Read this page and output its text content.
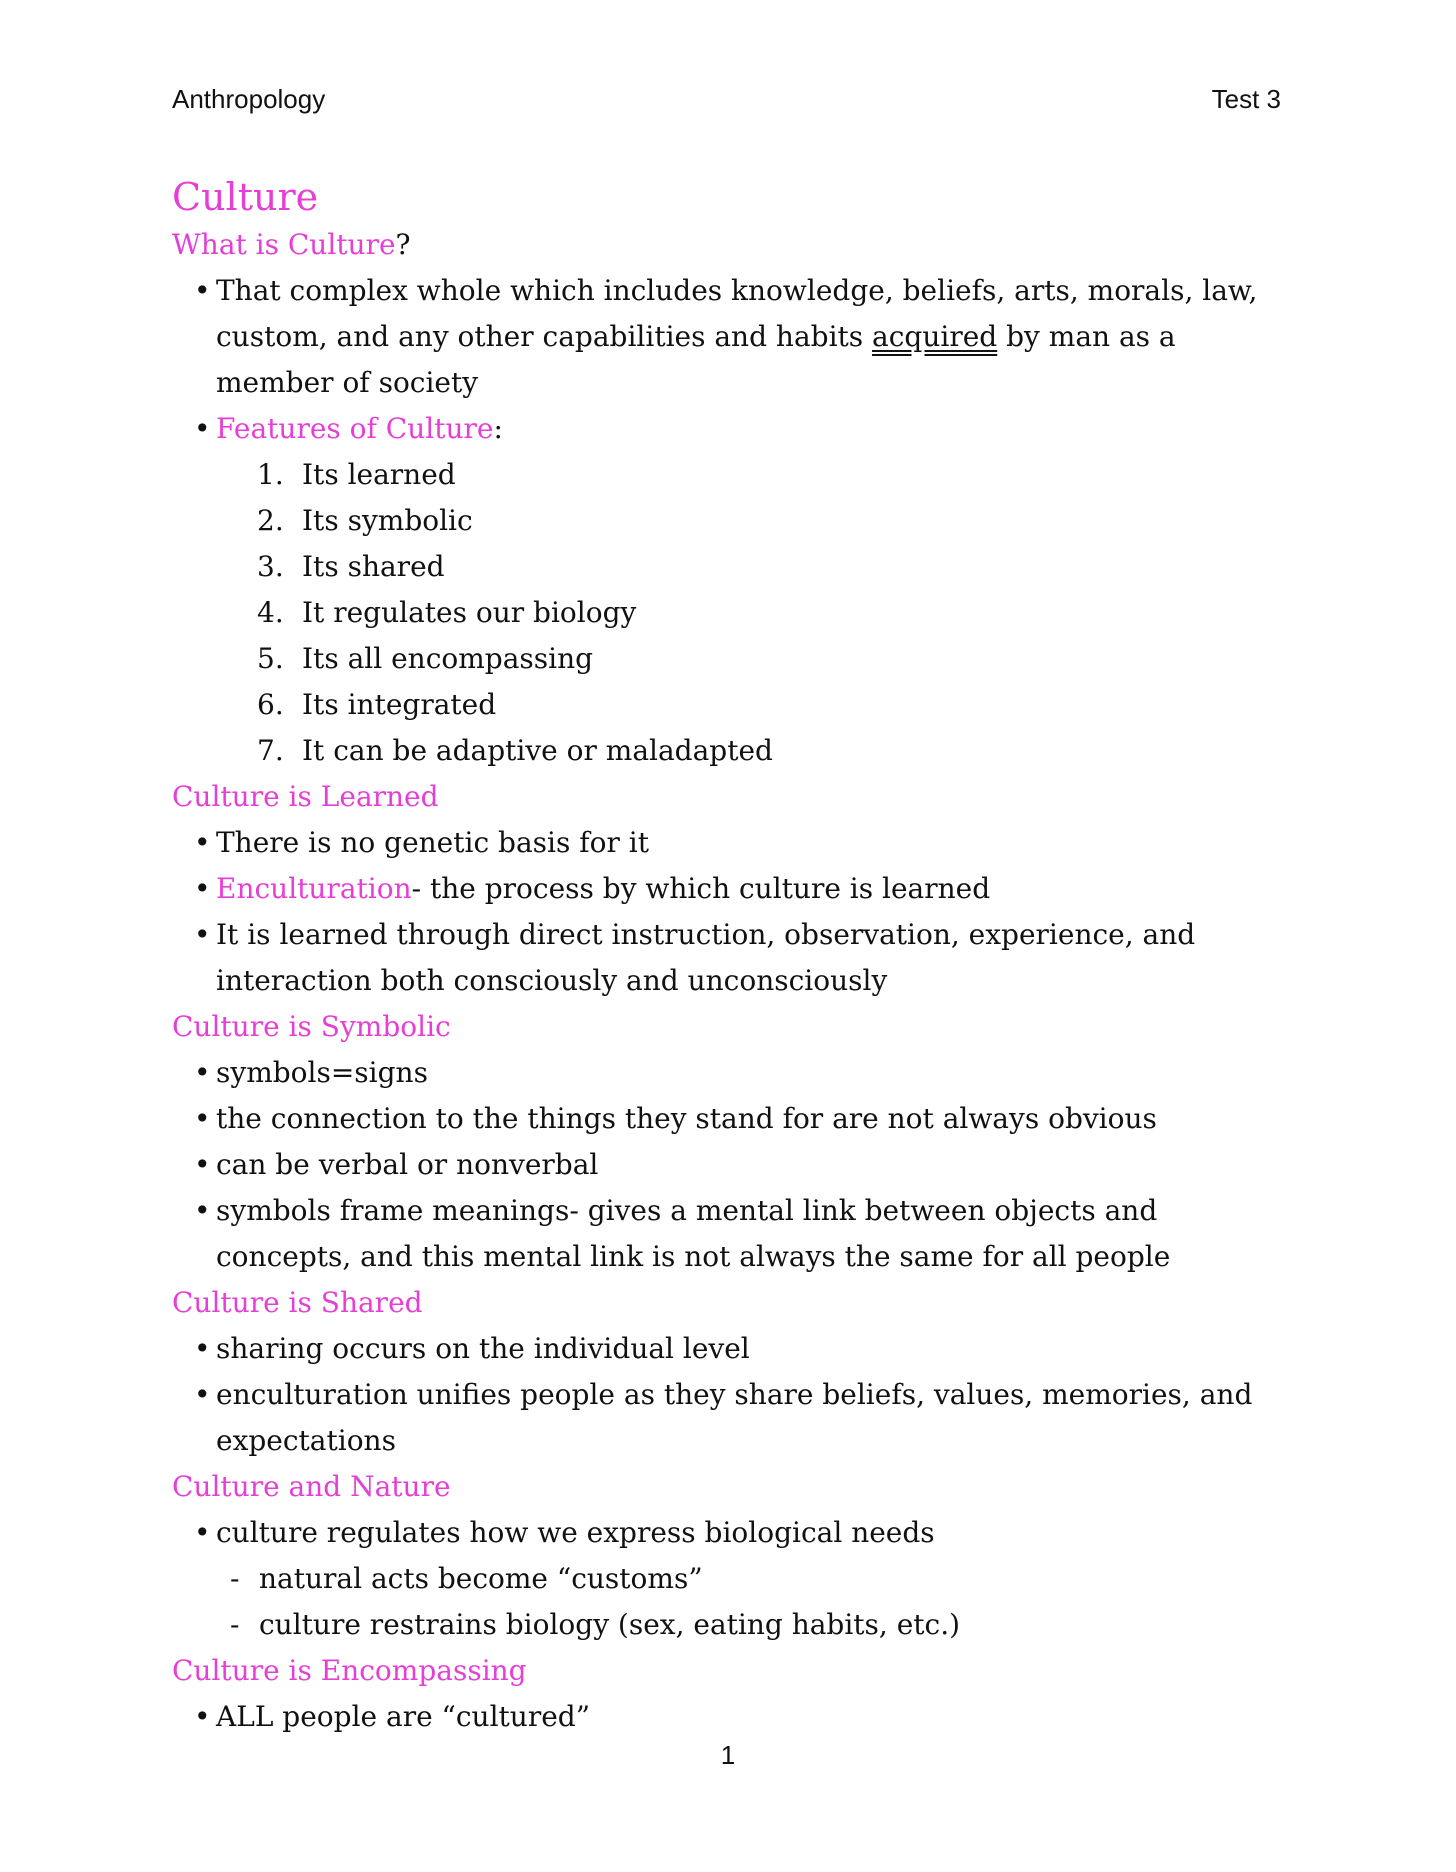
Anthropology	Test 3
Culture
What is Culture?
• That complex whole which includes knowledge, beliefs, arts, morals, law, custom, and any other capabilities and habits acquired by man as a member of society
• Features of Culture:
1. Its learned
2. Its symbolic
3. Its shared
4. It regulates our biology
5. Its all encompassing
6. Its integrated
7. It can be adaptive or maladapted
Culture is Learned
• There is no genetic basis for it
• Enculturation- the process by which culture is learned
• It is learned through direct instruction, observation, experience, and interaction both consciously and unconsciously
Culture is Symbolic
• symbols=signs
• the connection to the things they stand for are not always obvious
• can be verbal or nonverbal
• symbols frame meanings- gives a mental link between objects and concepts, and this mental link is not always the same for all people
Culture is Shared
• sharing occurs on the individual level
• enculturation unifies people as they share beliefs, values, memories, and expectations
Culture and Nature
• culture regulates how we express biological needs
- natural acts become “customs”
- culture restrains biology (sex, eating habits, etc.)
Culture is Encompassing
• ALL people are “cultured”
1
